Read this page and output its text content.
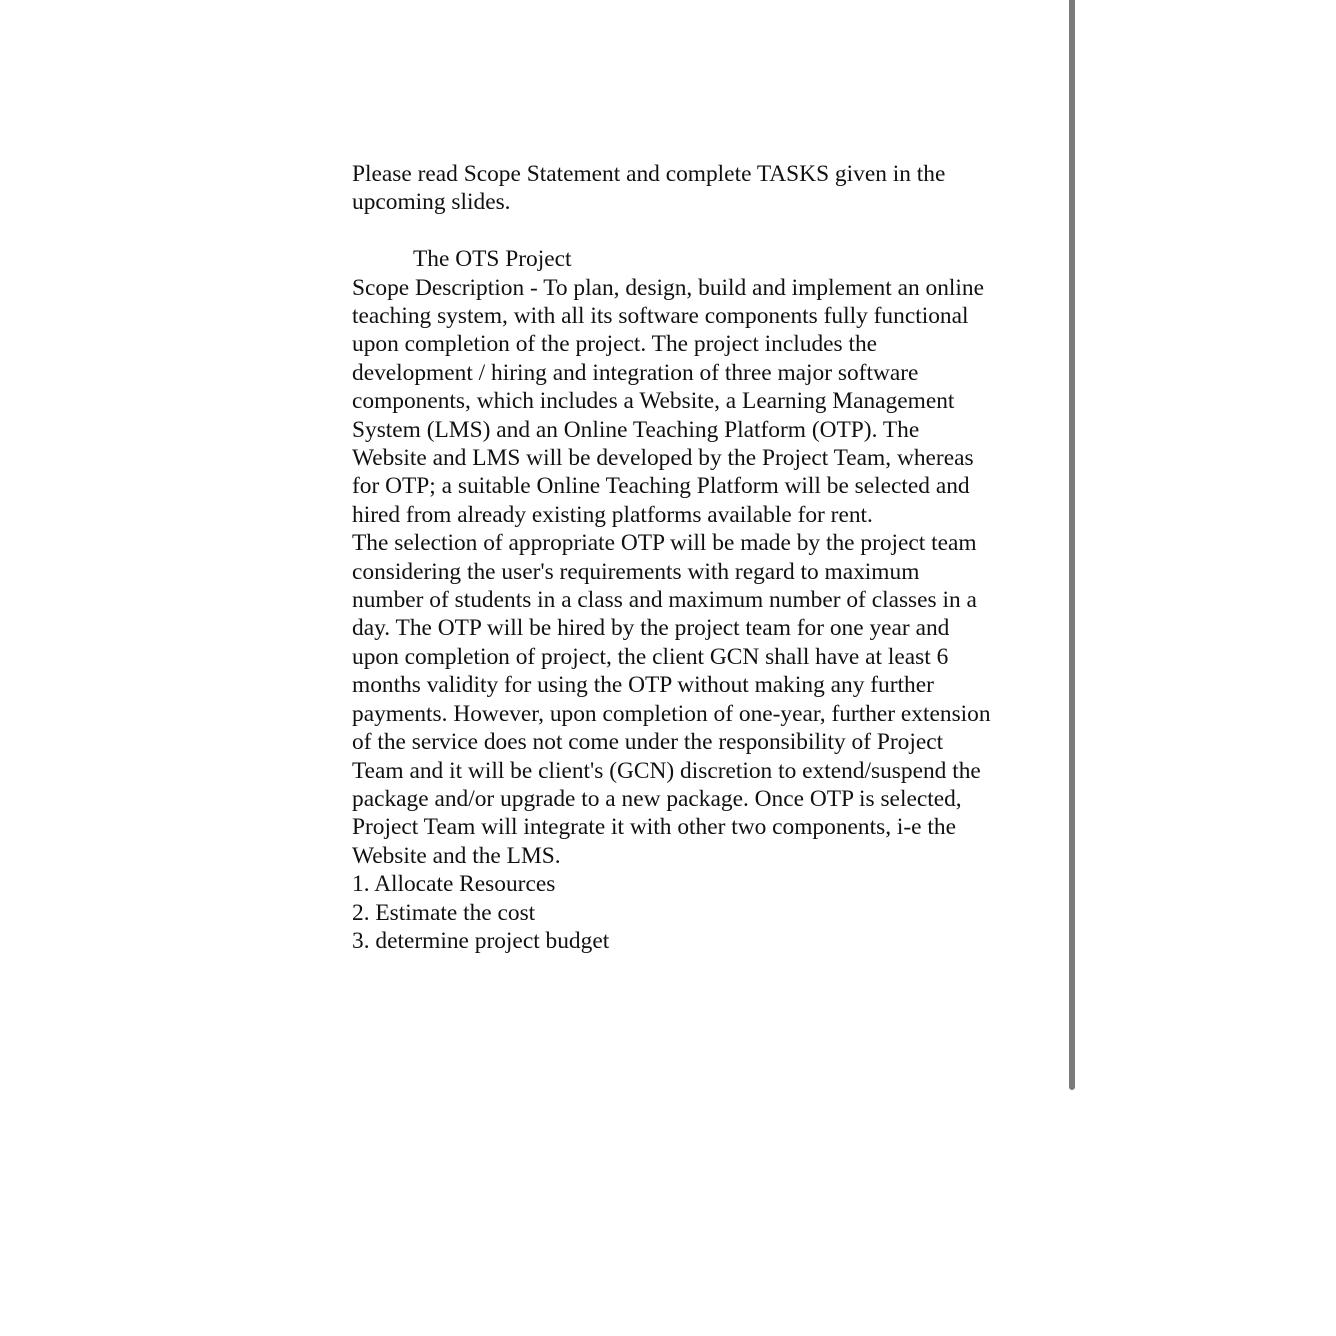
Please read Scope Statement and complete TASKS given in the upcoming slides.

The OTS Project

Scope Description - To plan, design, build and implement an online teaching system, with all its software components fully functional upon completion of the project. The project includes the development / hiring and integration of three major software components, which includes a Website, a Learning Management System (LMS) and an Online Teaching Platform (OTP). The Website and LMS will be developed by the Project Team, whereas for OTP; a suitable Online Teaching Platform will be selected and hired from already existing platforms available for rent.

The selection of appropriate OTP will be made by the project team considering the user's requirements with regard to maximum number of students in a class and maximum number of classes in a day. The OTP will be hired by the project team for one year and upon completion of project, the client GCN shall have at least 6 months validity for using the OTP without making any further payments. However, upon completion of one-year, further extension of the service does not come under the responsibility of Project Team and it will be client's (GCN) discretion to extend/suspend the package and/or upgrade to a new package. Once OTP is selected, Project Team will integrate it with other two components, i-e the Website and the LMS.

1. Allocate Resources
2. Estimate the cost
3. determine project budget
